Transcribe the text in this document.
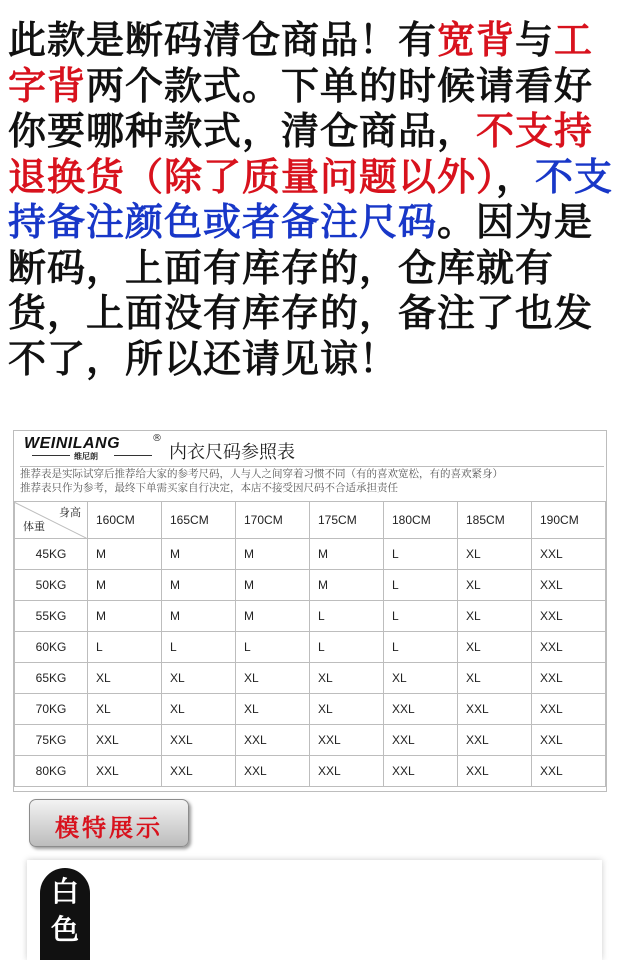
此款是断码清仓商品！有宽背与工字背两个款式。下单的时候请看好你要哪种款式，清仓商品，不支持退换货（除了质量问题以外），不支持备注颜色或者备注尺码。因为是断码，上面有库存的，仓库就有货，上面没有库存的，备注了也发不了，所以还请见谅！
WEINILANG	®
维尼朗	内衣尺码参照表
推荐表是实际试穿后推荐给大家的参考尺码，人与人之间穿着习惯不同（有的喜欢宽松，有的喜欢紧身）
推荐表只作为参考，最终下单需买家自行决定，本店不接受因尺码不合适承担责任
身高
体重	160CM	165CM	170CM	175CM	180CM	185CM	190CM
45KG	M	M	M	M	L	XL	XXL
50KG	M	M	M	M	L	XL	XXL
55KG	M	M	M	L	L	XL	XXL
60KG	L	L	L	L	L	XL	XXL
65KG	XL	XL	XL	XL	XL	XL	XXL
70KG	XL	XL	XL	XL	XXL	XXL	XXL
75KG	XXL	XXL	XXL	XXL	XXL	XXL	XXL
80KG	XXL	XXL	XXL	XXL	XXL	XXL	XXL
模特展示
白
色
